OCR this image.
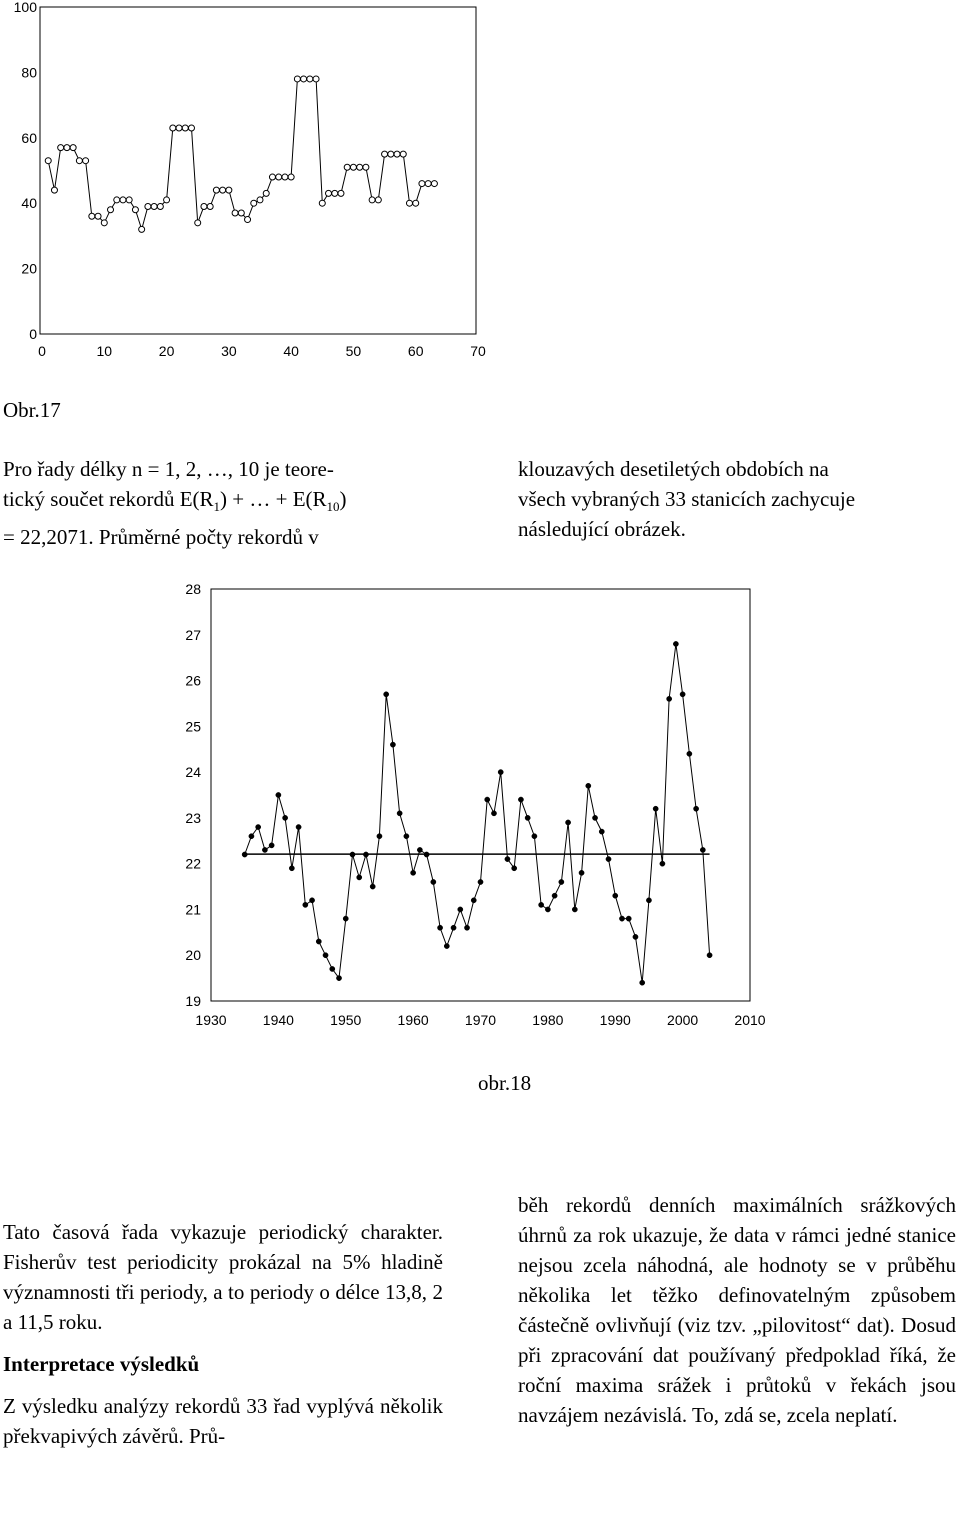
0
20
40
60
80
100
0	10	20	30	40	50	60	70
Obr.17
Pro řady délky n = 1, 2, …, 10 je teore-
tický součet rekordů $E(R_1)$ + … + $E(R_{10})$
= 22,2071. Průměrné počty rekordů v
klouzavých desetiletých obdobích na
všech vybraných 33 stanicích zachycuje
následující obrázek.
19
20
21
22
23
24
25
26
27
28
1930	1940	1950	1960	1970	1980	1990	2000	2010
obr.18

Tato časová řada vykazuje periodický charakter. Fisherův test periodicity prokázal na 5% hladině významnosti tři periody, a to periody o délce 13,8, 2 a 11,5 roku.

Interpretace výsledků

Z výsledku analýzy rekordů 33 řad vyplývá několik překvapivých závěrů. Prů-

běh rekordů denních maximálních srážkových úhrnů za rok ukazuje, že data v rámci jedné stanice nejsou zcela náhodná, ale hodnoty se v průběhu několika let těžko definovatelným způsobem částečně ovlivňují (viz tzv. „pilovitost“ dat). Dosud při zpracování dat používaný předpoklad říká, že roční maxima srážek i průtoků v řekách jsou navzájem nezávislá. To, zdá se, zcela neplatí.
